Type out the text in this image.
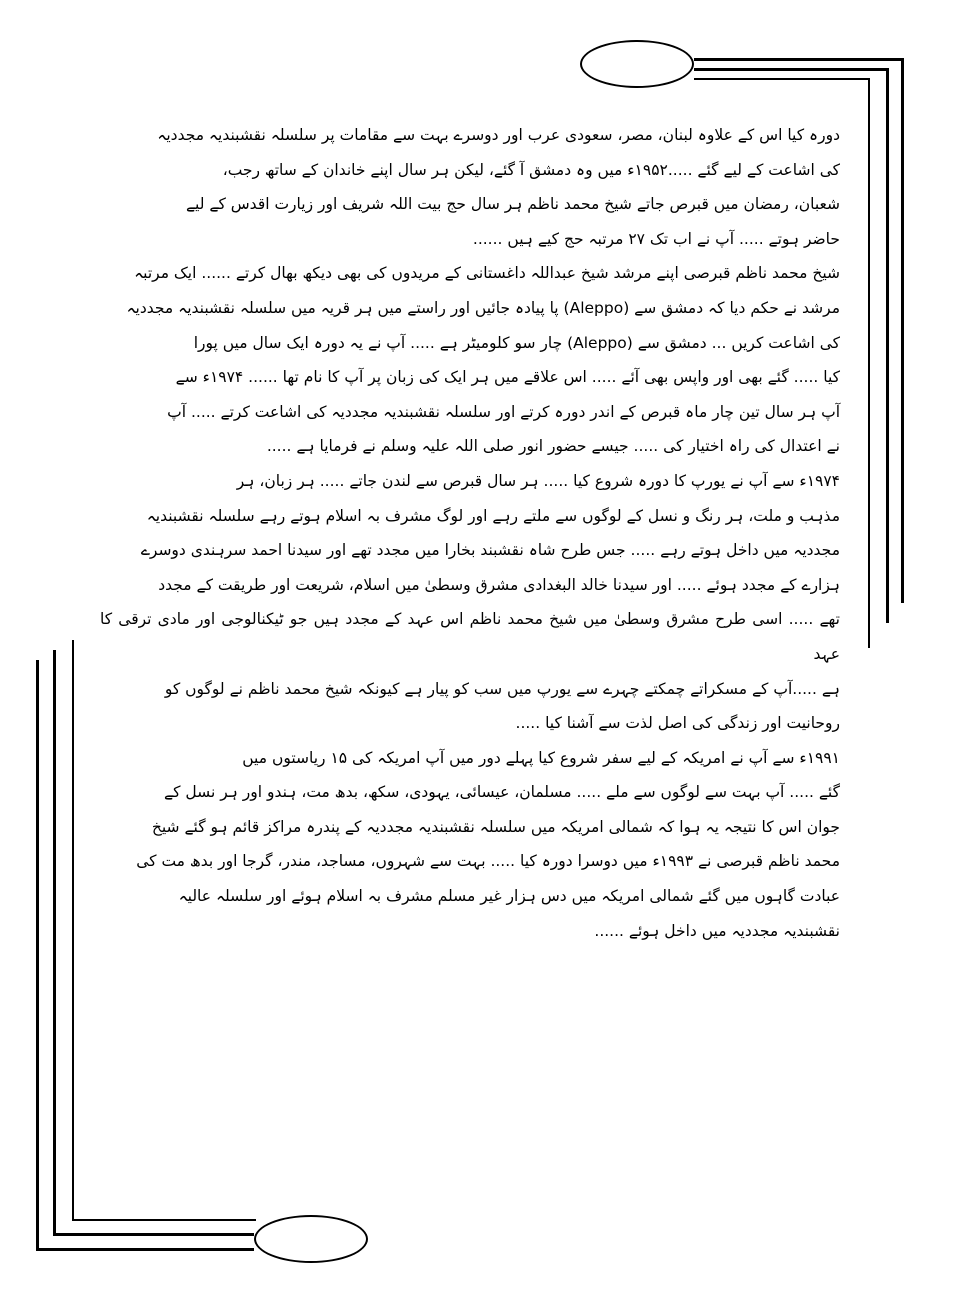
دورہ کیا اس کے علاوہ لبنان، مصر، سعودی عرب اور دوسرے بہت سے مقامات پر سلسلہ نقشبندیہ مجددیہ
کی اشاعت کے لیے گئے .....۱۹۵۲ء میں وہ دمشق آ گئے، لیکن ہر سال اپنے خاندان کے ساتھ رجب،
شعبان، رمضان میں قبرص جاتے شیخ محمد ناظم ہر سال حج بیت اللہ شریف اور زیارت اقدس کے لیے
حاضر ہوتے ..... آپ نے اب تک ۲۷ مرتبہ حج کیے ہیں ......

شیخ محمد ناظم قبرصی اپنے مرشد شیخ عبداللہ داغستانی کے مریدوں کی بھی دیکھ بھال کرتے ...... ایک مرتبہ
مرشد نے حکم دیا کہ دمشق سے (Aleppo) پا پیادہ جائیں اور راستے میں ہر قریہ میں سلسلہ نقشبندیہ مجددیہ
کی اشاعت کریں ... دمشق سے (Aleppo) چار سو کلومیٹر ہے ..... آپ نے یہ دورہ ایک سال میں پورا
کیا ..... گئے بھی اور واپس بھی آئے ..... اس علاقے میں ہر ایک کی زبان پر آپ کا نام تھا ...... ۱۹۷۴ء سے
آپ ہر سال تین چار ماہ قبرص کے اندر دورہ کرتے اور سلسلہ نقشبندیہ مجددیہ کی اشاعت کرتے ..... آپ
نے اعتدال کی راہ اختیار کی ..... جیسے حضور انور صلی اللہ علیہ وسلم نے فرمایا ہے .....

۱۹۷۴ء سے آپ نے یورپ کا دورہ شروع کیا ..... ہر سال قبرص سے لندن جاتے ..... ہر زبان، ہر
مذہب و ملت، ہر رنگ و نسل کے لوگوں سے ملتے رہے اور لوگ مشرف بہ اسلام ہوتے رہے سلسلہ نقشبندیہ
مجددیہ میں داخل ہوتے رہے ..... جس طرح شاہ نقشبند بخارا میں مجدد تھے اور سیدنا احمد سرہندی دوسرے
ہزارے کے مجدد ہوئے ..... اور سیدنا خالد البغدادی مشرق وسطیٰ میں اسلام، شریعت اور طریقت کے مجدد
تھے ..... اسی طرح مشرق وسطیٰ میں شیخ محمد ناظم اس عہد کے مجدد ہیں جو ٹیکنالوجی اور مادی ترقی کا عہد
ہے .....آپ کے مسکراتے چمکتے چہرے سے یورپ میں سب کو پیار ہے کیونکہ شیخ محمد ناظم نے لوگوں کو
روحانیت اور زندگی کی اصل لذت سے آشنا کیا .....

۱۹۹۱ء سے آپ نے امریکہ کے لیے سفر شروع کیا پہلے دور میں آپ امریکہ کی ۱۵ ریاستوں میں
گئے ..... آپ بہت سے لوگوں سے ملے ..... مسلمان، عیسائی، یہودی، سکھ، بدھ مت، ہندو اور ہر نسل کے
جوان اس کا نتیجہ یہ ہوا کہ شمالی امریکہ میں سلسلہ نقشبندیہ مجددیہ کے پندرہ مراکز قائم ہو گئے شیخ
محمد ناظم قبرصی نے ۱۹۹۳ء میں دوسرا دورہ کیا ..... بہت سے شہروں، مساجد، مندر، گرجا اور بدھ مت کی
عبادت گاہوں میں گئے شمالی امریکہ میں دس ہزار غیر مسلم مشرف بہ اسلام ہوئے اور سلسلہ عالیہ
نقشبندیہ مجددیہ میں داخل ہوئے ......
